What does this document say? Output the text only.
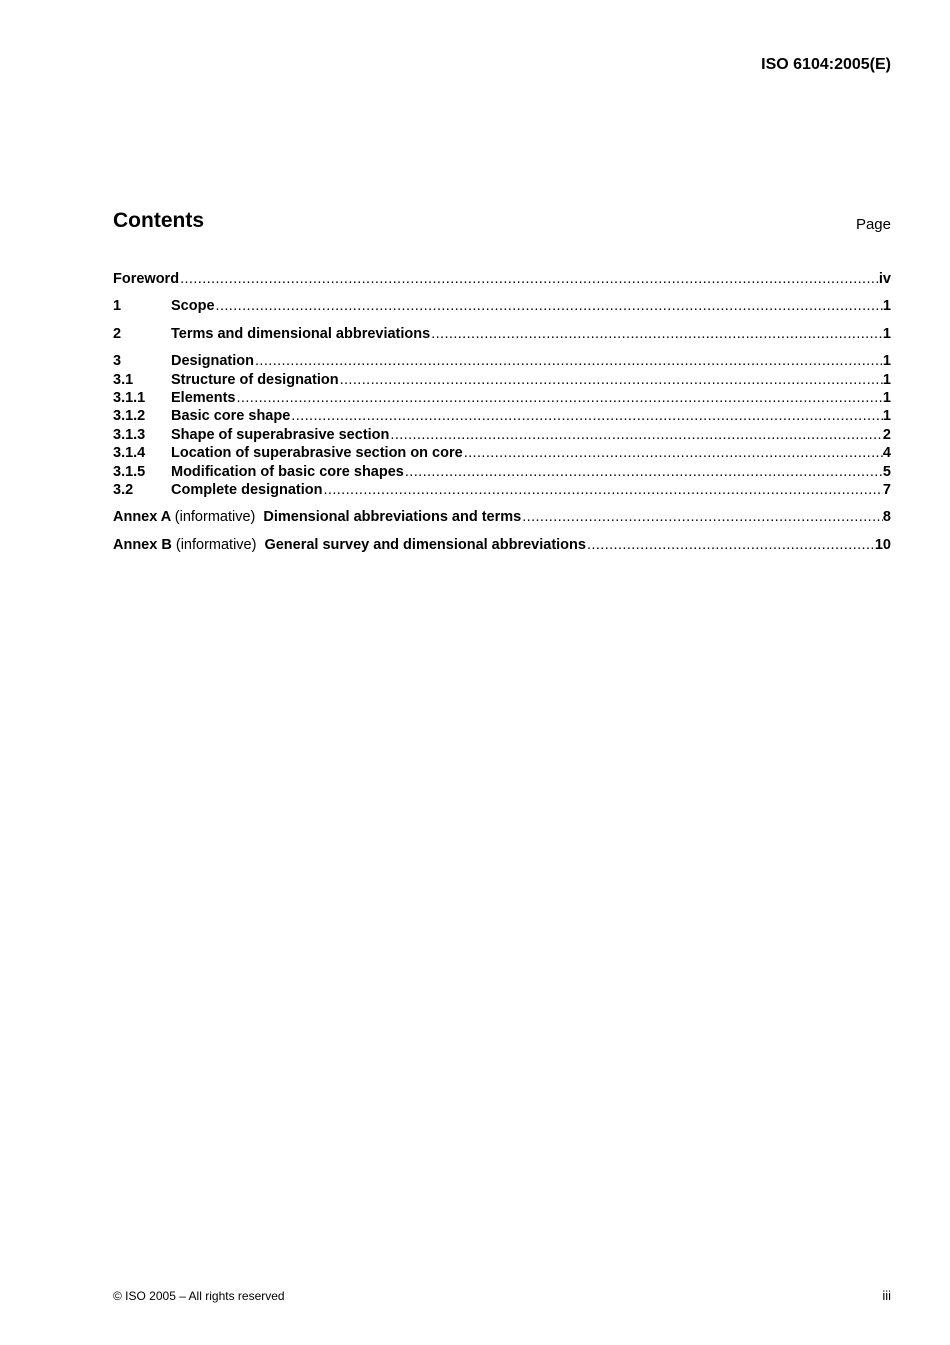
ISO 6104:2005(E)
Contents	Page
Foreword .....	iv
1	Scope .....	1
2	Terms and dimensional abbreviations .....	1
3	Designation .....	1
3.1	Structure of designation .....	1
3.1.1	Elements .....	1
3.1.2	Basic core shape .....	1
3.1.3	Shape of superabrasive section .....	2
3.1.4	Location of superabrasive section on core .....	4
3.1.5	Modification of basic core shapes .....	5
3.2	Complete designation .....	7
Annex A (informative) Dimensional abbreviations and terms .....	8
Annex B (informative) General survey and dimensional abbreviations .....	10
© ISO 2005 – All rights reserved	iii
